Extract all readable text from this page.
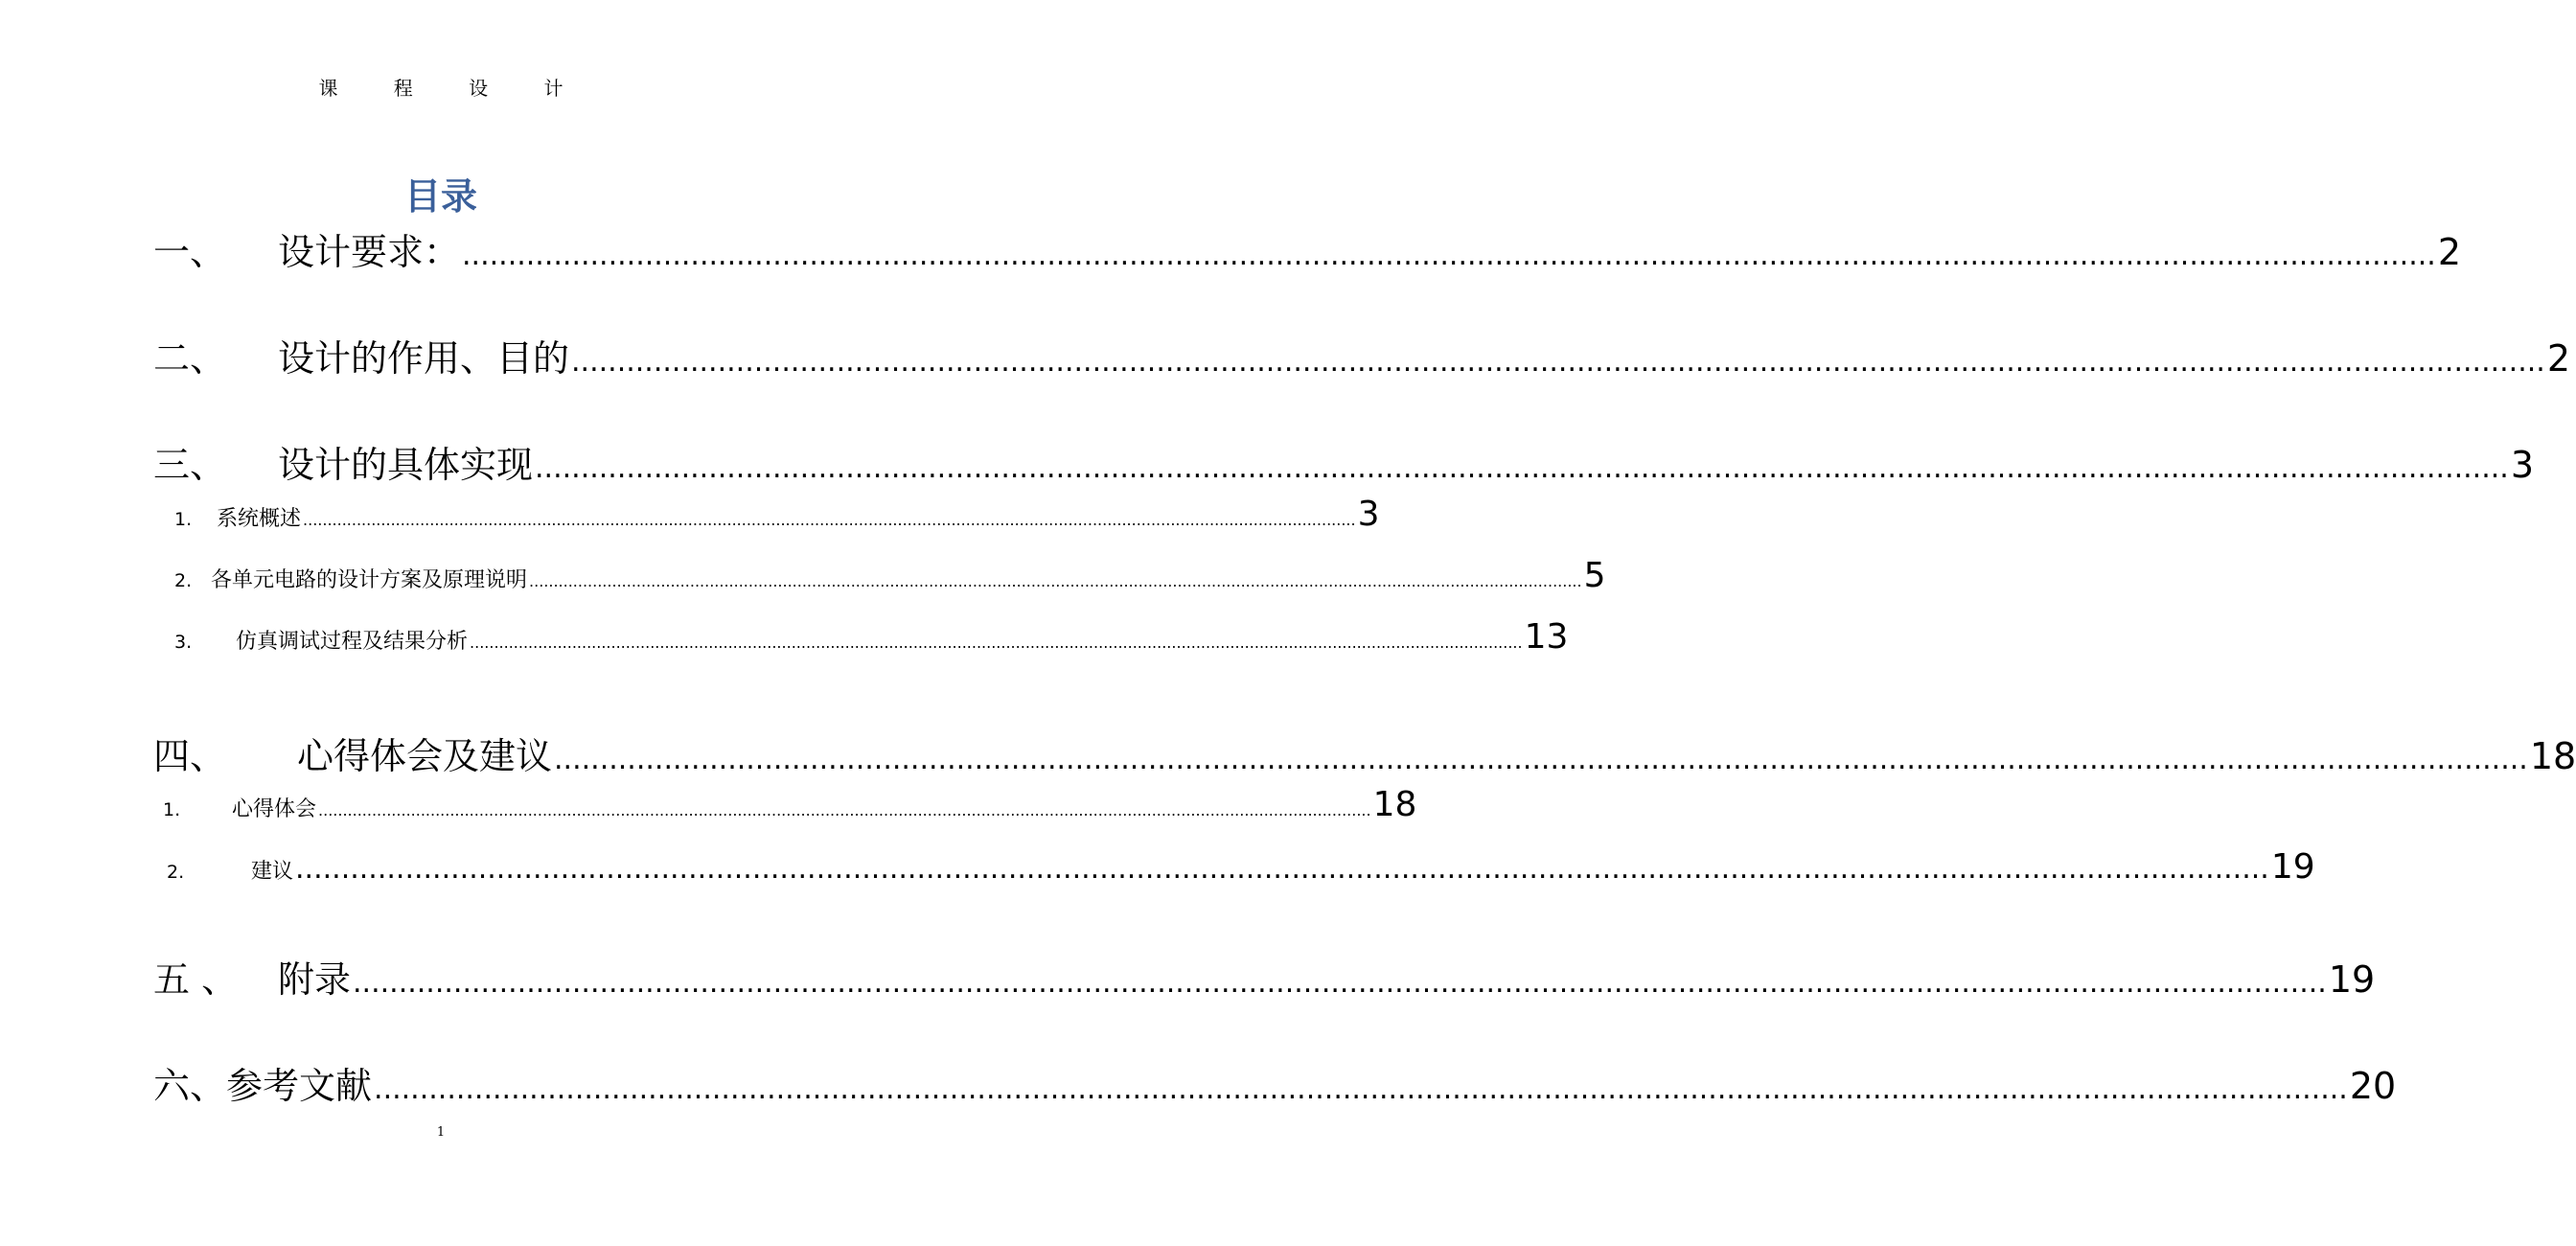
课 程 设 计
目录
一、	设计要求： ........................................................................................................................................................................................................................ 2
二、	设计的作用、目的 ........................................................................................................................................................................................................................ 2
三、	设计的具体实现 ........................................................................................................................................................................................................................ 3
1.	系统概述 ........................................................................................................................................................................................................................ 3
2. 各单元电路的设计方案及原理说明 ........................................................................................................................................................................................................................ 5
3.	仿真调试过程及结果分析 ........................................................................................................................................................................................................................ 13
四、	心得体会及建议 ........................................................................................................................................................................................................................ 18
1.	心得体会 ........................................................................................................................................................................................................................ 18
2.	建议 ........................................................................................................................................................................................................................ 19
五 、	附录 ........................................................................................................................................................................................................................ 19
六、 参考文献 ........................................................................................................................................................................................................................ 20
1
